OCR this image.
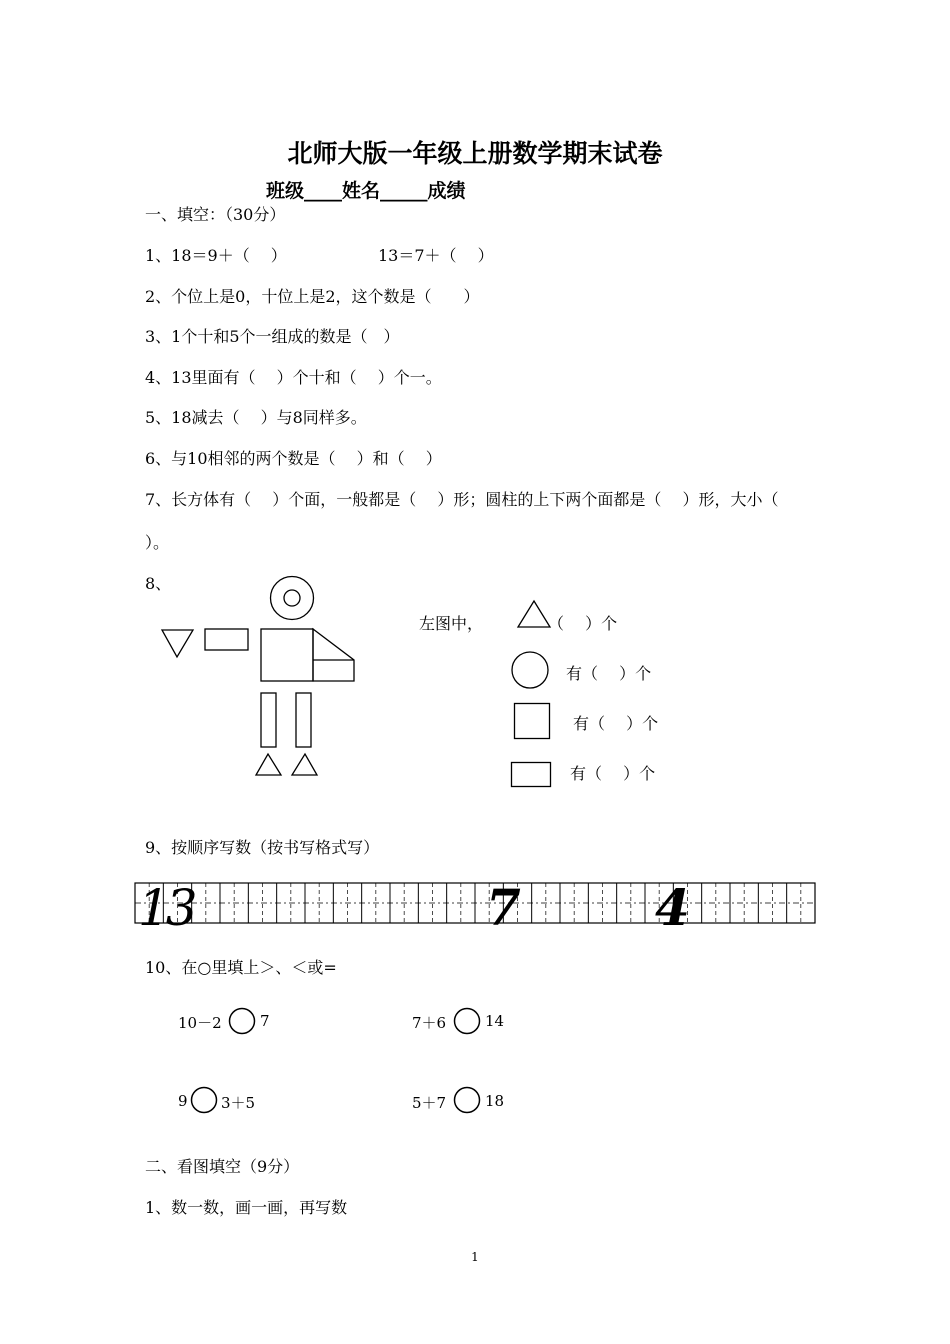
北师大版一年级上册数学期末试卷
班级____姓名_____成绩
一、填空：（30分）
1、18＝9＋（　 ）	13＝7＋（　 ）
2、个位上是0，十位上是2，这个数是（　　）
3、1个十和5个一组成的数是（　）
4、13里面有（　 ）个十和（　 ）个一。
5、18减去（　 ）与8同样多。
6、与10相邻的两个数是（　 ）和（　 ）
7、长方体有（　 ）个面，一般都是（　 ）形；圆柱的上下两个面都是（　 ）形，大小（
）。
8、
左图中，	（　 ）个
有（　 ）个
有（　 ）个
有（　 ）个
9、按顺序写数（按书写格式写）
13	7	4
10、在○里填上＞、＜或=
10－2	7	7＋6	14
9 3＋5	5＋7	18
二、看图填空（9分）
1、数一数，画一画，再写数
1
